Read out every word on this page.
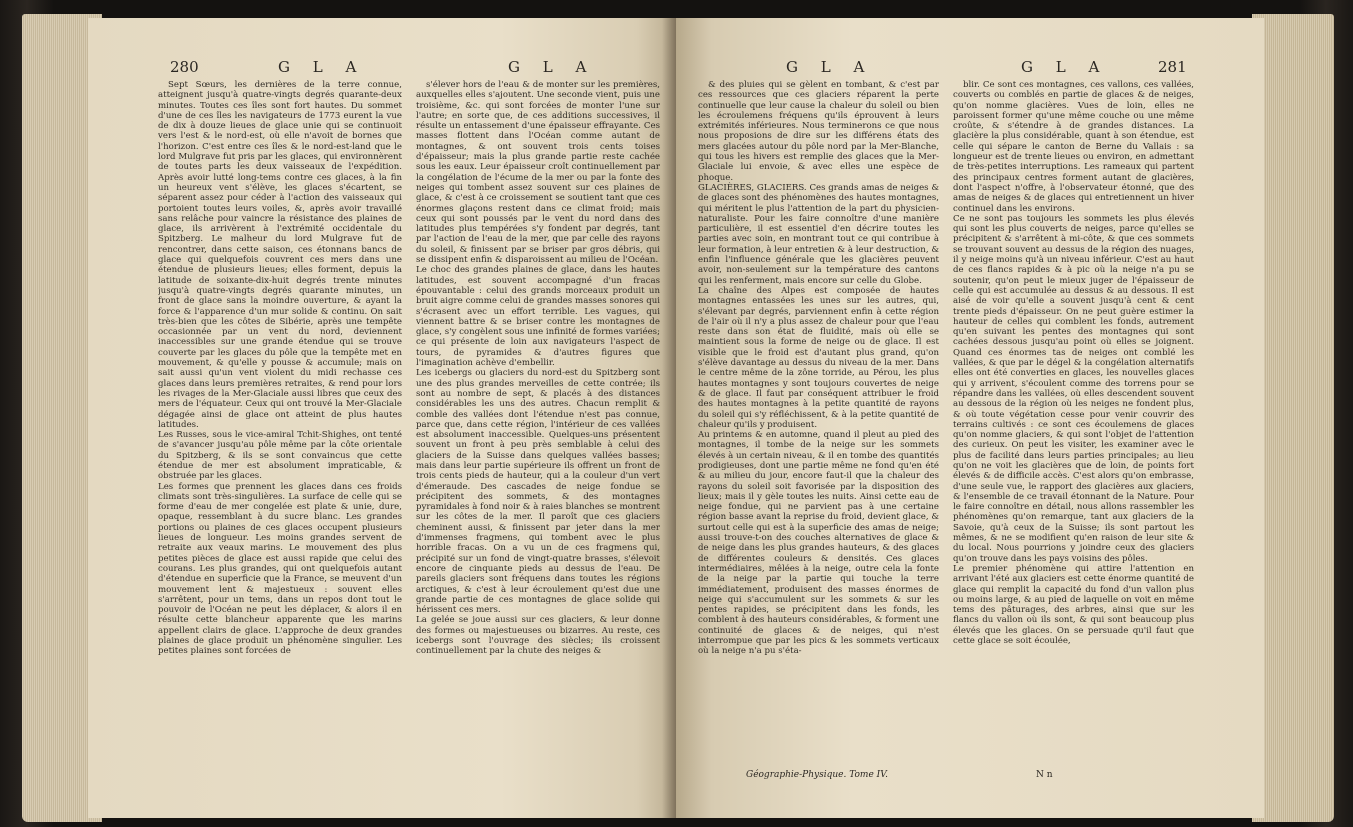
280	G L A	G L A

Sept Sœurs, les dernières de la terre connue, atteignent jusqu'à quatre-vingts degrés quarante-deux minutes. Toutes ces îles sont fort hautes. Du sommet d'une de ces îles les navigateurs de 1773 eurent la vue de dix à douze lieues de glace unie qui se continuoit vers l'est & le nord-est, où elle n'avoit de bornes que l'horizon. C'est entre ces îles & le nord-est-land que le lord Mulgrave fut pris par les glaces, qui environnèrent de toutes parts les deux vaisseaux de l'expédition. Après avoir lutté long-tems contre ces glaces, à la fin un heureux vent s'élève, les glaces s'écartent, se séparent assez pour céder à l'action des vaisseaux qui portoient toutes leurs voiles, &, après avoir travaillé sans relâche pour vaincre la résistance des plaines de glace, ils arrivèrent à l'extrémité occidentale du Spitzberg. Le malheur du lord Mulgrave fut de rencontrer, dans cette saison, ces étonnans bancs de glace qui quelquefois couvrent ces mers dans une étendue de plusieurs lieues; elles forment, depuis la latitude de soixante-dix-huit degrés trente minutes jusqu'à quatre-vingts degrés quarante minutes, un front de glace sans la moindre ouverture, & ayant la force & l'apparence d'un mur solide & continu. On sait très-bien que les côtes de Sibérie, après une tempête occasionnée par un vent du nord, deviennent inaccessibles sur une grande étendue qui se trouve couverte par les glaces du pôle que la tempête met en mouvement, & qu'elle y pousse & accumule; mais on sait aussi qu'un vent violent du midi rechasse ces glaces dans leurs premières retraites, & rend pour lors les rivages de la Mer-Glaciale aussi libres que ceux des mers de l'équateur. Ceux qui ont trouvé la Mer-Glaciale dégagée ainsi de glace ont atteint de plus hautes latitudes.
Les Russes, sous le vice-amiral Tchit-Shighes, ont tenté de s'avancer jusqu'au pôle même par la côte orientale du Spitzberg, & ils se sont convaincus que cette étendue de mer est absolument impraticable, & obstruée par les glaces.
Les formes que prennent les glaces dans ces froids climats sont très-singulières. La surface de celle qui se forme d'eau de mer congelée est plate & unie, dure, opaque, ressemblant à du sucre blanc. Les grandes portions ou plaines de ces glaces occupent plusieurs lieues de longueur. Les moins grandes servent de retraite aux veaux marins. Le mouvement des plus petites pièces de glace est aussi rapide que celui des courans. Les plus grandes, qui ont quelquefois autant d'étendue en superficie que la France, se meuvent d'un mouvement lent & majestueux : souvent elles s'arrêtent, pour un tems, dans un repos dont tout le pouvoir de l'Océan ne peut les déplacer, & alors il en résulte cette blancheur apparente que les marins appellent clairs de glace. L'approche de deux grandes plaines de glace produit un phénomène singulier. Les petites plaines sont forcées de

s'élever hors de l'eau & de monter sur les premières, auxquelles elles s'ajoutent. Une seconde vient, puis une troisième, &c. qui sont forcées de monter l'une sur l'autre; en sorte que, de ces additions successives, il résulte un entassement d'une épaisseur effrayante. Ces masses flottent dans l'Océan comme autant de montagnes, & ont souvent trois cents toises d'épaisseur; mais la plus grande partie reste cachée sous les eaux. Leur épaisseur croît continuellement par la congélation de l'écume de la mer ou par la fonte des neiges qui tombent assez souvent sur ces plaines de glace, & c'est à ce croissement se soutient tant que ces énormes glaçons restent dans ce climat froid; mais ceux qui sont poussés par le vent du nord dans des latitudes plus tempérées s'y fondent par degrés, tant par l'action de l'eau de la mer, que par celle des rayons du soleil, & finissent par se briser par gros débris, qui se dissipent enfin & disparoissent au milieu de l'Océan.
Le choc des grandes plaines de glace, dans les hautes latitudes, est souvent accompagné d'un fracas épouvantable : celui des grands morceaux produit un bruit aigre comme celui de grandes masses sonores qui s'écrasent avec un effort terrible. Les vagues, qui viennent battre & se briser contre les montagnes de glace, s'y congèlent sous une infinité de formes variées; ce qui présente de loin aux navigateurs l'aspect de tours, de pyramides & d'autres figures que l'imagination achève d'embellir.
Les icebergs ou glaciers du nord-est du Spitzberg sont une des plus grandes merveilles de cette contrée; ils sont au nombre de sept, & placés à des distances considérables les uns des autres. Chacun remplit & comble des vallées dont l'étendue n'est pas connue, parce que, dans cette région, l'intérieur de ces vallées est absolument inaccessible. Quelques-uns présentent souvent un front à peu près semblable à celui des glaciers de la Suisse dans quelques vallées basses; mais dans leur partie supérieure ils offrent un front de trois cents pieds de hauteur, qui a la couleur d'un vert d'émeraude. Des cascades de neige fondue se précipitent des sommets, & des montagnes pyramidales à fond noir & à raies blanches se montrent sur les côtes de la mer. Il paroît que ces glaciers cheminent aussi, & finissent par jeter dans la mer d'immenses fragmens, qui tombent avec le plus horrible fracas. On a vu un de ces fragmens qui, précipité sur un fond de vingt-quatre brasses, s'élevoit encore de cinquante pieds au dessus de l'eau. De pareils glaciers sont fréquens dans toutes les régions arctiques, & c'est à leur écroulement qu'est due une grande partie de ces montagnes de glace solide qui hérissent ces mers.
La gelée se joue aussi sur ces glaciers, & leur donne des formes ou majestueuses ou bizarres. Au reste, ces icebergs sont l'ouvrage des siècles; ils croissent continuellement par la chute des neiges &

G L A	G L A	281

& des pluies qui se gèlent en tombant, & c'est par ces ressources que ces glaciers réparent la perte continuelle que leur cause la chaleur du soleil ou bien les écroulemens fréquens qu'ils éprouvent à leurs extrémités inférieures. Nous terminerons ce que nous nous proposions de dire sur les différens états des mers glacées autour du pôle nord par la Mer-Blanche, qui tous les hivers est remplie des glaces que la Mer-Glaciale lui envoie, & avec elles une espèce de phoque.
GLACIÈRES, GLACIERS. Ces grands amas de neiges & de glaces sont des phénomènes des hautes montagnes, qui méritent le plus l'attention de la part du physicien-naturaliste. Pour les faire connoître d'une manière particulière, il est essentiel d'en décrire toutes les parties avec soin, en montrant tout ce qui contribue à leur formation, à leur entretien & à leur destruction, & enfin l'influence générale que les glacières peuvent avoir, non-seulement sur la température des cantons qui les renferment, mais encore sur celle du Globe.
La chaîne des Alpes est composée de hautes montagnes entassées les unes sur les autres, qui, s'élevant par degrés, parviennent enfin à cette région de l'air où il n'y a plus assez de chaleur pour que l'eau reste dans son état de fluidité, mais où elle se maintient sous la forme de neige ou de glace. Il est visible que le froid est d'autant plus grand, qu'on s'élève davantage au dessus du niveau de la mer. Dans le centre même de la zône torride, au Pérou, les plus hautes montagnes y sont toujours couvertes de neige & de glace. Il faut par conséquent attribuer le froid des hautes montagnes à la petite quantité de rayons du soleil qui s'y réfléchissent, & à la petite quantité de chaleur qu'ils y produisent.
Au printems & en automne, quand il pleut au pied des montagnes, il tombe de la neige sur les sommets élevés à un certain niveau, & il en tombe des quantités prodigieuses, dont une partie même ne fond qu'en été & au milieu du jour, encore faut-il que la chaleur des rayons du soleil soit favorisée par la disposition des lieux; mais il y gèle toutes les nuits. Ainsi cette eau de neige fondue, qui ne parvient pas à une certaine région basse avant la reprise du froid, devient glace, & surtout celle qui est à la superficie des amas de neige; aussi trouve-t-on des couches alternatives de glace & de neige dans les plus grandes hauteurs, & des glaces de différentes couleurs & densités. Ces glaces intermédiaires, mêlées à la neige, outre cela la fonte de la neige par la partie qui touche la terre immédiatement, produisent des masses énormes de neige qui s'accumulent sur les sommets & sur les pentes rapides, se précipitent dans les fonds, les comblent à des hauteurs considérables, & forment une continuité de glaces & de neiges, qui n'est interrompue que par les pics & les sommets verticaux où la neige n'a pu s'éta-

blir. Ce sont ces montagnes, ces vallons, ces vallées, couverts ou comblés en partie de glaces & de neiges, qu'on nomme glacières. Vues de loin, elles ne paroissent former qu'une même couche ou une même croûte, & s'étendre à de grandes distances. La glacière la plus considérable, quant à son étendue, est celle qui sépare le canton de Berne du Vallais : sa longueur est de trente lieues ou environ, en admettant de très-petites interruptions. Les rameaux qui partent des principaux centres forment autant de glacières, dont l'aspect n'offre, à l'observateur étonné, que des amas de neiges & de glaces qui entretiennent un hiver continuel dans les environs.
Ce ne sont pas toujours les sommets les plus élevés qui sont les plus couverts de neiges, parce qu'elles se précipitent & s'arrêtent à mi-côte, & que ces sommets se trouvant souvent au dessus de la région des nuages, il y neige moins qu'à un niveau inférieur. C'est au haut de ces flancs rapides & à pic où la neige n'a pu se soutenir, qu'on peut le mieux juger de l'épaisseur de celle qui est accumulée au dessus & au dessous. Il est aisé de voir qu'elle a souvent jusqu'à cent & cent trente pieds d'épaisseur. On ne peut guère estimer la hauteur de celles qui comblent les fonds, autrement qu'en suivant les pentes des montagnes qui sont cachées dessous jusqu'au point où elles se joignent. Quand ces énormes tas de neiges ont comblé les vallées, & que par le dégel & la congélation alternatifs elles ont été converties en glaces, les nouvelles glaces qui y arrivent, s'écoulent comme des torrens pour se répandre dans les vallées, où elles descendent souvent au dessous de la région où les neiges ne fondent plus, & où toute végétation cesse pour venir couvrir des terrains cultivés : ce sont ces écoulemens de glaces qu'on nomme glaciers, & qui sont l'objet de l'attention des curieux. On peut les visiter, les examiner avec le plus de facilité dans leurs parties principales; au lieu qu'on ne voit les glacières que de loin, de points fort élevés & de difficile accès. C'est alors qu'on embrasse, d'une seule vue, le rapport des glacières aux glaciers, & l'ensemble de ce travail étonnant de la Nature. Pour le faire connoître en détail, nous allons rassembler les phénomènes qu'on remarque, tant aux glaciers de la Savoie, qu'à ceux de la Suisse; ils sont partout les mêmes, & ne se modifient qu'en raison de leur site & du local. Nous pourrions y joindre ceux des glaciers qu'on trouve dans les pays voisins des pôles.
Le premier phénomène qui attire l'attention en arrivant l'été aux glaciers est cette énorme quantité de glace qui remplit la capacité du fond d'un vallon plus ou moins large, & au pied de laquelle on voit en même tems des pâturages, des arbres, ainsi que sur les flancs du vallon où ils sont, & qui sont beaucoup plus élevés que les glaces. On se persuade qu'il faut que cette glace se soit écoulée,

Géographie-Physique. Tome IV.	N n
